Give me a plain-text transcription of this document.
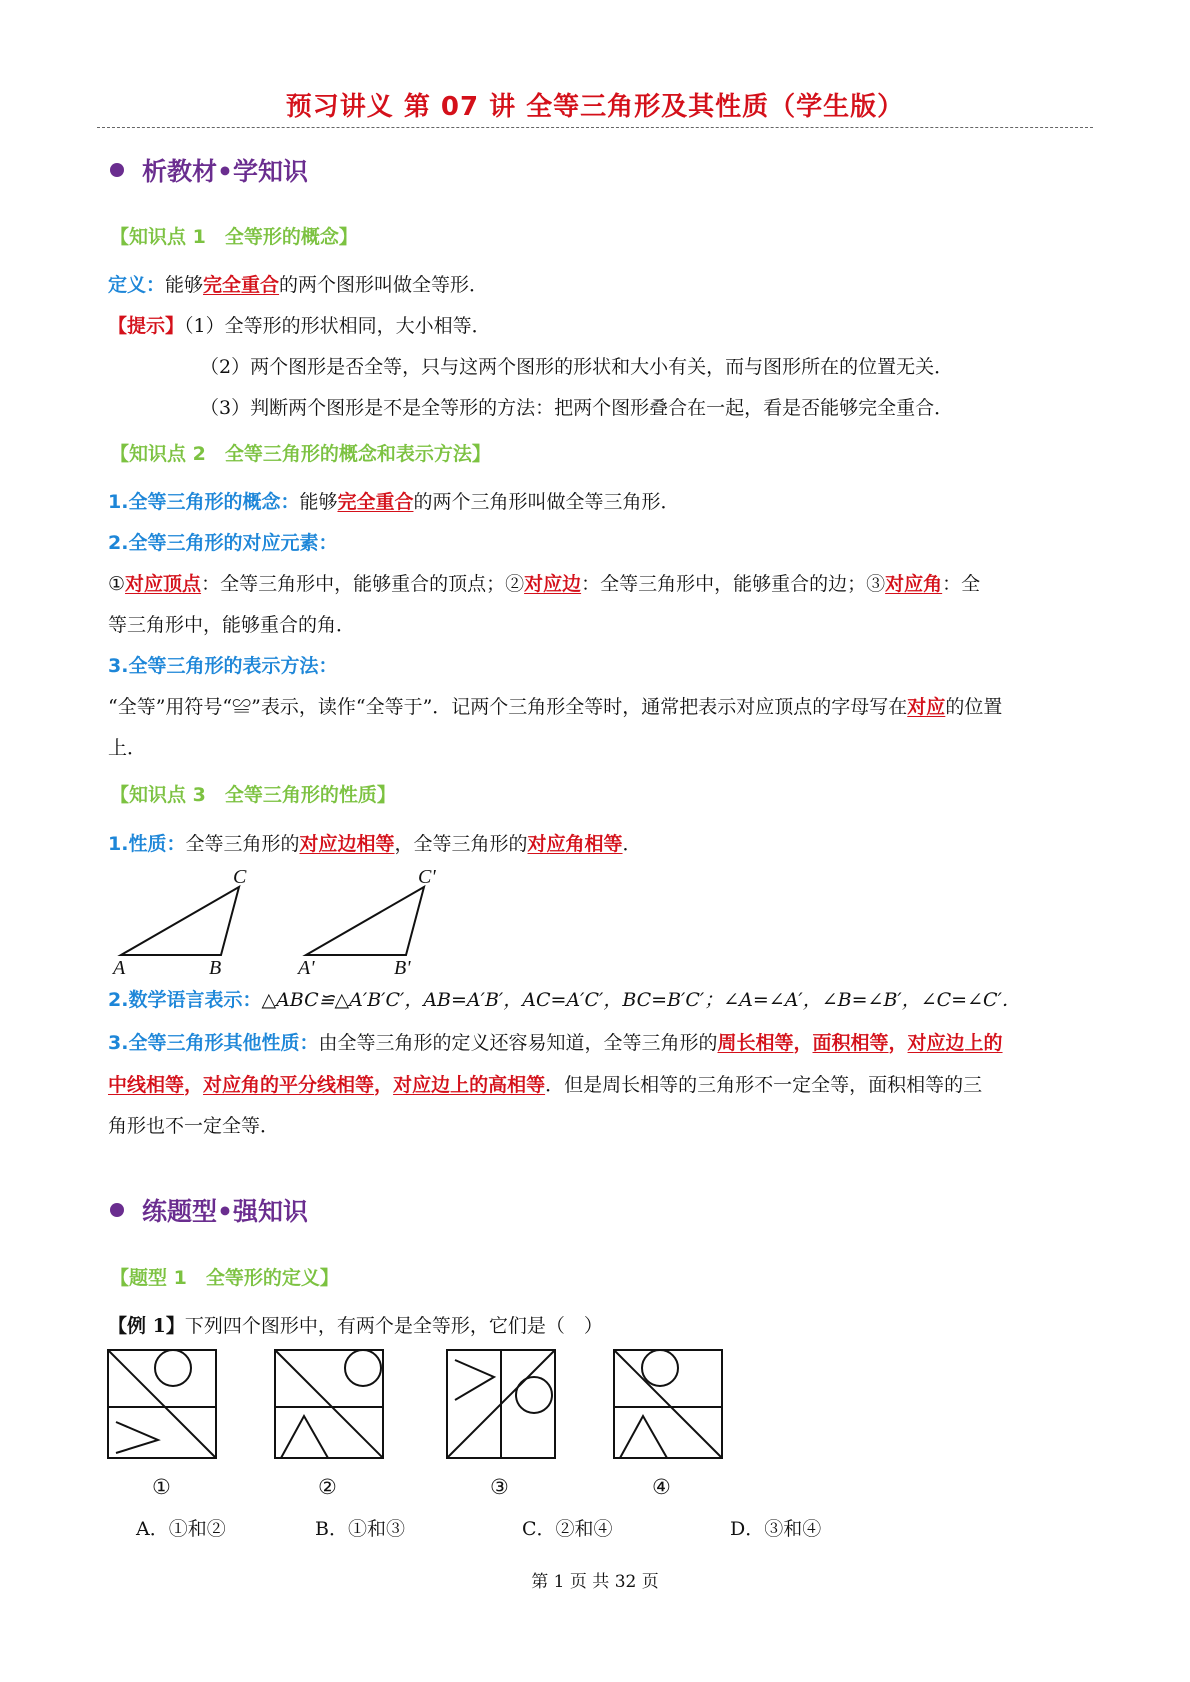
预习讲义 第 07 讲 全等三角形及其性质（学生版）
析教材•学知识
【知识点 1　全等形的概念】
定义：能够完全重合的两个图形叫做全等形．
【提示】（1）全等形的形状相同，大小相等．
（2）两个图形是否全等，只与这两个图形的形状和大小有关，而与图形所在的位置无关．
（3）判断两个图形是不是全等形的方法：把两个图形叠合在一起，看是否能够完全重合．
【知识点 2　全等三角形的概念和表示方法】
1.全等三角形的概念：能够完全重合的两个三角形叫做全等三角形．
2.全等三角形的对应元素：
①对应顶点：全等三角形中，能够重合的顶点；②对应边：全等三角形中，能够重合的边；③对应角：全
等三角形中，能够重合的角．
3.全等三角形的表示方法：
“全等”用符号“≌”表示，读作“全等于”．记两个三角形全等时，通常把表示对应顶点的字母写在对应的位置
上．
【知识点 3　全等三角形的性质】
1.性质：全等三角形的对应边相等，全等三角形的对应角相等．
A	B
C
A'	B'
C'
2.数学语言表示：△ABC≌△A′B′C′，AB=A′B′，AC=A′C′，BC=B′C′；∠A=∠A′，∠B=∠B′，∠C=∠C′．
3.全等三角形其他性质：由全等三角形的定义还容易知道，全等三角形的周长相等，面积相等，对应边上的
中线相等，对应角的平分线相等，对应边上的高相等．但是周长相等的三角形不一定全等，面积相等的三
角形也不一定全等．
练题型•强知识
【题型 1　全等形的定义】
【例 1】下列四个图形中，有两个是全等形，它们是（　）
①	②	③	④
A．①和②	B．①和③	C．②和④	D．③和④
第 1 页 共 32 页
